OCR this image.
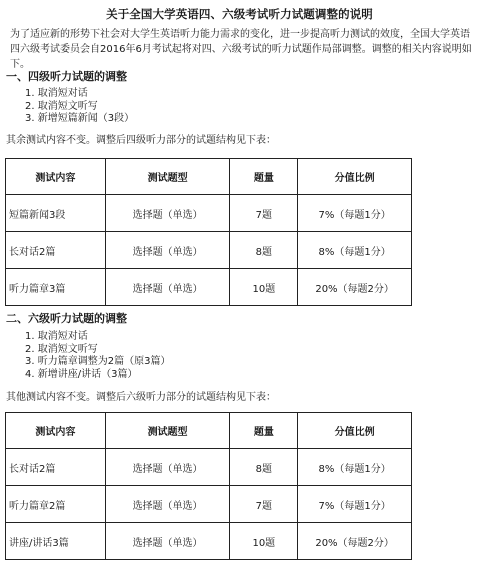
关于全国大学英语四、六级考试听力试题调整的说明
为了适应新的形势下社会对大学生英语听力能力需求的变化，进一步提高听力测试的效度，全国大学英语四六级考试委员会自2016年6月考试起将对四、六级考试的听力试题作局部调整。调整的相关内容说明如下。
一、四级听力试题的调整
1. 取消短对话
2. 取消短文听写
3. 新增短篇新闻（3段）
其余测试内容不变。调整后四级听力部分的试题结构见下表：
测试内容	测试题型	题量	分值比例
短篇新闻3段	选择题（单选）	7题	7%（每题1分）
长对话2篇	选择题（单选）	8题	8%（每题1分）
听力篇章3篇	选择题（单选）	10题	20%（每题2分）
二、六级听力试题的调整
1. 取消短对话
2. 取消短文听写
3. 听力篇章调整为2篇（原3篇）
4. 新增讲座/讲话（3篇）
其他测试内容不变。调整后六级听力部分的试题结构见下表：
测试内容	测试题型	题量	分值比例
长对话2篇	选择题（单选）	8题	8%（每题1分）
听力篇章2篇	选择题（单选）	7题	7%（每题1分）
讲座/讲话3篇	选择题（单选）	10题	20%（每题2分）
